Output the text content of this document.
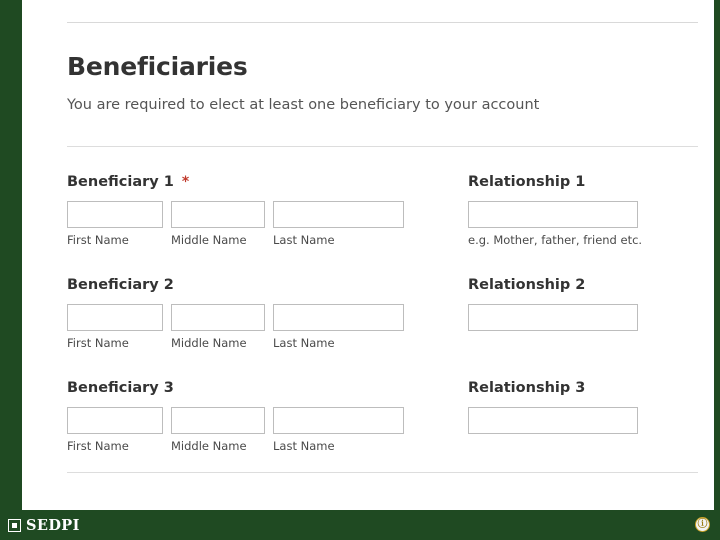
Beneficiaries
You are required to elect at least one beneficiary to your account
Beneficiary 1 *
First Name	Middle Name	Last Name
Relationship 1
e.g. Mother, father, friend etc.
Beneficiary 2
First Name	Middle Name	Last Name
Relationship 2
Beneficiary 3
First Name	Middle Name	Last Name
Relationship 3
SEDPI	ⓘ
